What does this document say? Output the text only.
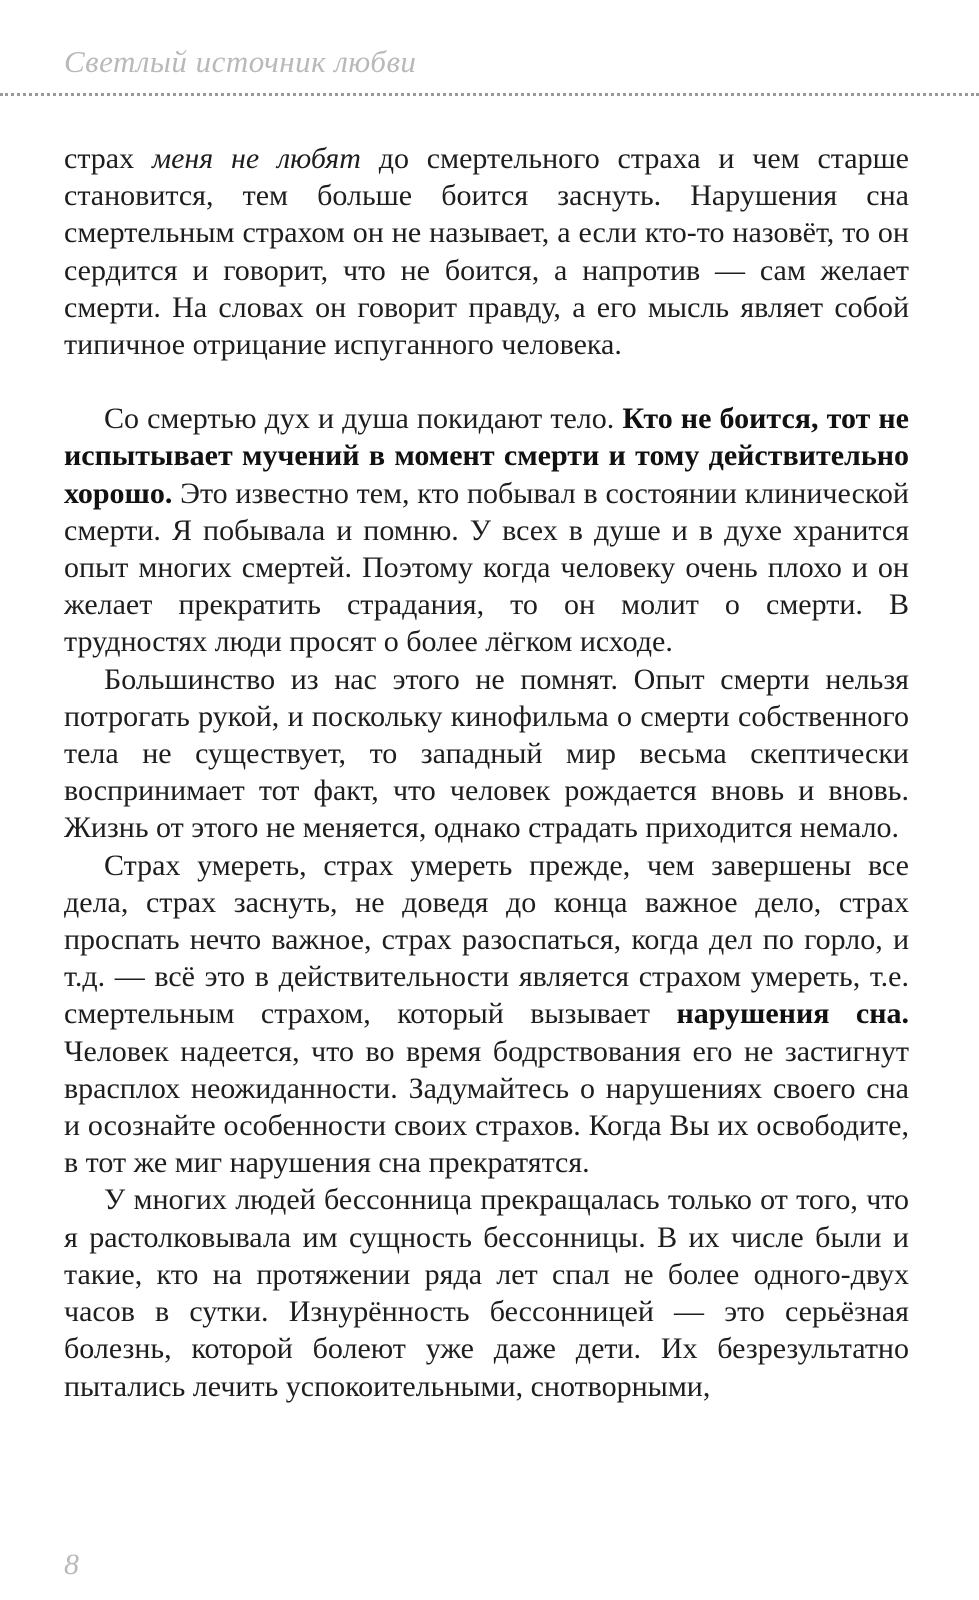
Светлый источник любви

страх меня не любят до смертельного страха и чем старше становится, тем больше боится заснуть. Нарушения сна смертельным страхом он не называет, а если кто-то назовёт, то он сердится и говорит, что не боится, а напротив — сам желает смерти. На словах он говорит правду, а его мысль являет собой типичное отрицание испуганного человека.

Со смертью дух и душа покидают тело. Кто не боится, тот не испытывает мучений в момент смерти и тому действительно хорошо. Это известно тем, кто побывал в состоянии клинической смерти. Я побывала и помню. У всех в душе и в духе хранится опыт многих смертей. Поэтому когда человеку очень плохо и он желает прекратить страдания, то он молит о смерти. В трудностях люди просят о более лёгком исходе.

Большинство из нас этого не помнят. Опыт смерти нельзя потрогать рукой, и поскольку кинофильма о смерти собственного тела не существует, то западный мир весьма скептически воспринимает тот факт, что человек рождается вновь и вновь. Жизнь от этого не меняется, однако страдать приходится немало.

Страх умереть, страх умереть прежде, чем завершены все дела, страх заснуть, не доведя до конца важное дело, страх проспать нечто важное, страх разоспаться, когда дел по горло, и т.д. — всё это в действительности является страхом умереть, т.е. смертельным страхом, который вызывает нарушения сна. Человек надеется, что во время бодрствования его не застигнут врасплох неожиданности. Задумайтесь о нарушениях своего сна и осознайте особенности своих страхов. Когда Вы их освободите, в тот же миг нарушения сна прекратятся.

У многих людей бессонница прекращалась только от того, что я растолковывала им сущность бессонницы. В их числе были и такие, кто на протяжении ряда лет спал не более одного-двух часов в сутки. Изнурённость бессонницей — это серьёзная болезнь, которой болеют уже даже дети. Их безрезультатно пытались лечить успокоительными, снотворными,

8
